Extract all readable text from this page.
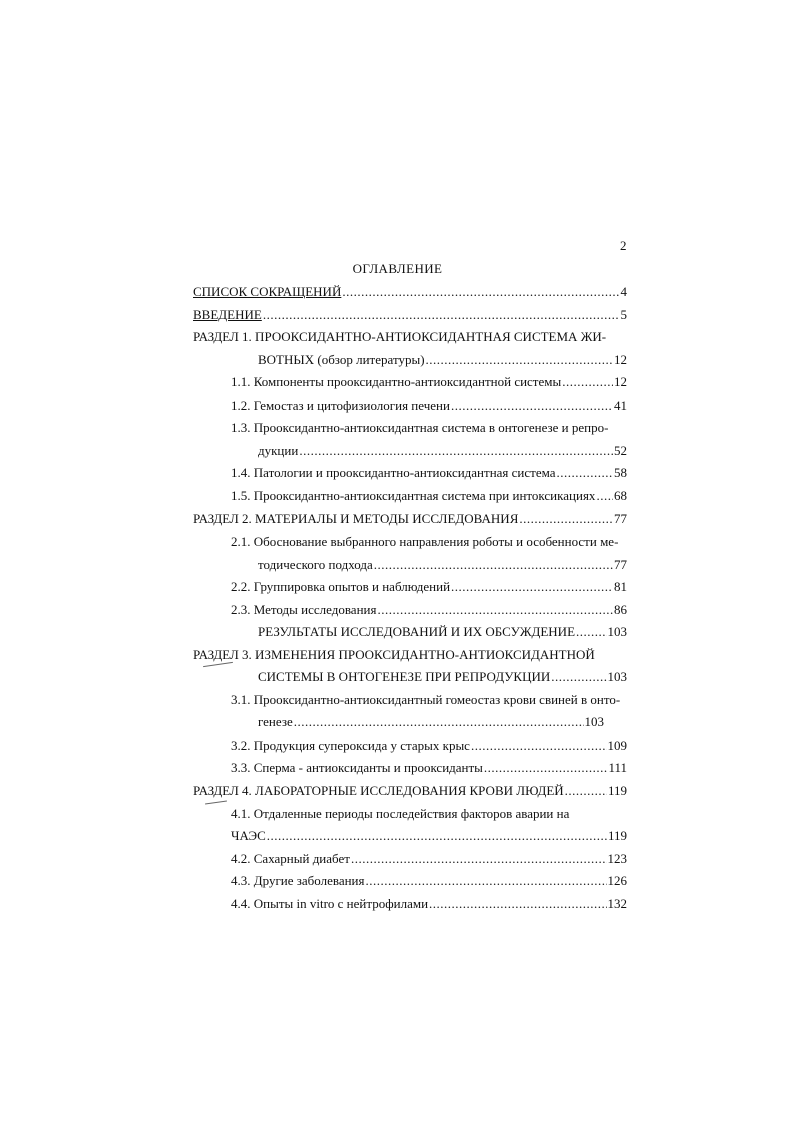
2
ОГЛАВЛЕНИЕ
СПИСОК СОКРАЩЕНИЙ .....	4
ВВЕДЕНИЕ .....	5
РАЗДЕЛ 1. ПРООКСИДАНТНО-АНТИОКСИДАНТНАЯ СИСТЕМА ЖИ-
ВОТНЫХ (обзор литературы) .....	12
1.1. Компоненты прооксидантно-антиоксидантной системы .....	12
1.2. Гемостаз и цитофизиология печени .....	41
1.3. Прооксидантно-антиоксидантная система в онтогенезе и репро-
дукции .....	52
1.4. Патологии и прооксидантно-антиоксидантная система .....	58
1.5. Прооксидантно-антиоксидантная система при интоксикациях ..... 68
РАЗДЕЛ 2. МАТЕРИАЛЫ И МЕТОДЫ ИССЛЕДОВАНИЯ .....	77
2.1. Обоснование выбранного направления роботы и особенности ме-
тодического подхода .....	77
2.2. Группировка опытов и наблюдений .....	81
2.3. Методы исследования .....	86
РЕЗУЛЬТАТЫ ИССЛЕДОВАНИЙ И ИХ ОБСУЖДЕНИЕ ..... 103
РАЗДЕЛ 3. ИЗМЕНЕНИЯ ПРООКСИДАНТНО-АНТИОКСИДАНТНОЙ
СИСТЕМЫ В ОНТОГЕНЕЗЕ ПРИ РЕПРОДУКЦИИ .....	103
3.1. Прооксидантно-антиоксидантный гомеостаз крови свиней в онто-
генезе .....	103
3.2. Продукция супероксида у старых крыс .....	109
3.3. Сперма - антиоксиданты и прооксиданты .....	111
РАЗДЕЛ 4. ЛАБОРАТОРНЫЕ ИССЛЕДОВАНИЯ КРОВИ ЛЮДЕЙ .....	119
4.1. Отдаленные периоды последействия факторов аварии на
ЧАЭС .....	119
4.2. Сахарный диабет .....	123
4.3. Другие заболевания .....	126
4.4. Опыты in vitro с нейтрофилами .....	132
